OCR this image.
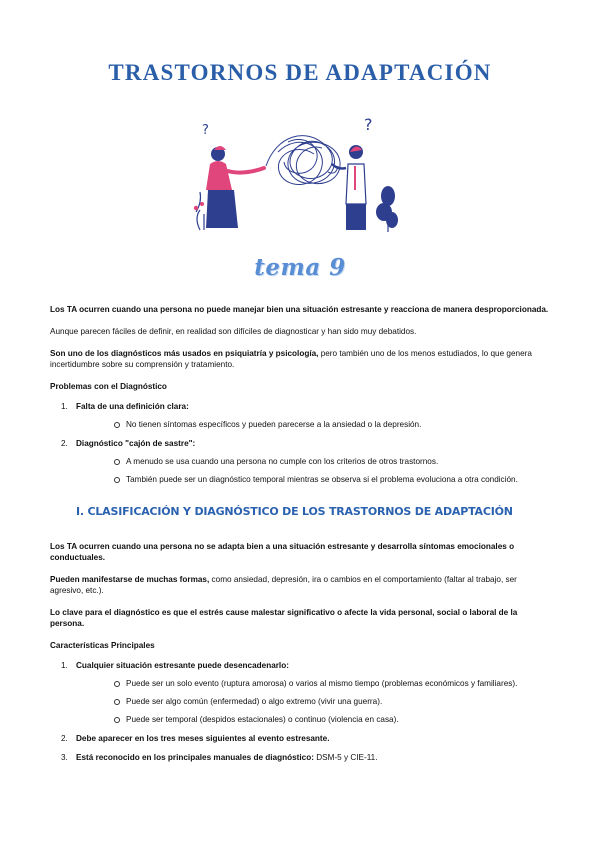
TRASTORNOS DE ADAPTACIÓN
?	?
tema 9

Los TA ocurren cuando una persona no puede manejar bien una situación estresante y reacciona de manera desproporcionada.

Aunque parecen fáciles de definir, en realidad son difíciles de diagnosticar y han sido muy debatidos.

Son uno de los diagnósticos más usados en psiquiatría y psicología, pero también uno de los menos estudiados, lo que genera incertidumbre sobre su comprensión y tratamiento.

Problemas con el Diagnóstico
1. Falta de una definición clara:
No tienen síntomas específicos y pueden parecerse a la ansiedad o la depresión.
2. Diagnóstico "cajón de sastre":
A menudo se usa cuando una persona no cumple con los criterios de otros trastornos.
También puede ser un diagnóstico temporal mientras se observa si el problema evoluciona a otra condición.
I. CLASIFICACIÓN Y DIAGNÓSTICO DE LOS TRASTORNOS DE ADAPTACIÓN

Los TA ocurren cuando una persona no se adapta bien a una situación estresante y desarrolla síntomas emocionales o conductuales.

Pueden manifestarse de muchas formas, como ansiedad, depresión, ira o cambios en el comportamiento (faltar al trabajo, ser agresivo, etc.).

Lo clave para el diagnóstico es que el estrés cause malestar significativo o afecte la vida personal, social o laboral de la persona.

Características Principales
1. Cualquier situación estresante puede desencadenarlo:
Puede ser un solo evento (ruptura amorosa) o varios al mismo tiempo (problemas económicos y familiares).
Puede ser algo común (enfermedad) o algo extremo (vivir una guerra).
Puede ser temporal (despidos estacionales) o continuo (violencia en casa).
2. Debe aparecer en los tres meses siguientes al evento estresante.
3. Está reconocido en los principales manuales de diagnóstico: DSM-5 y CIE-11.
